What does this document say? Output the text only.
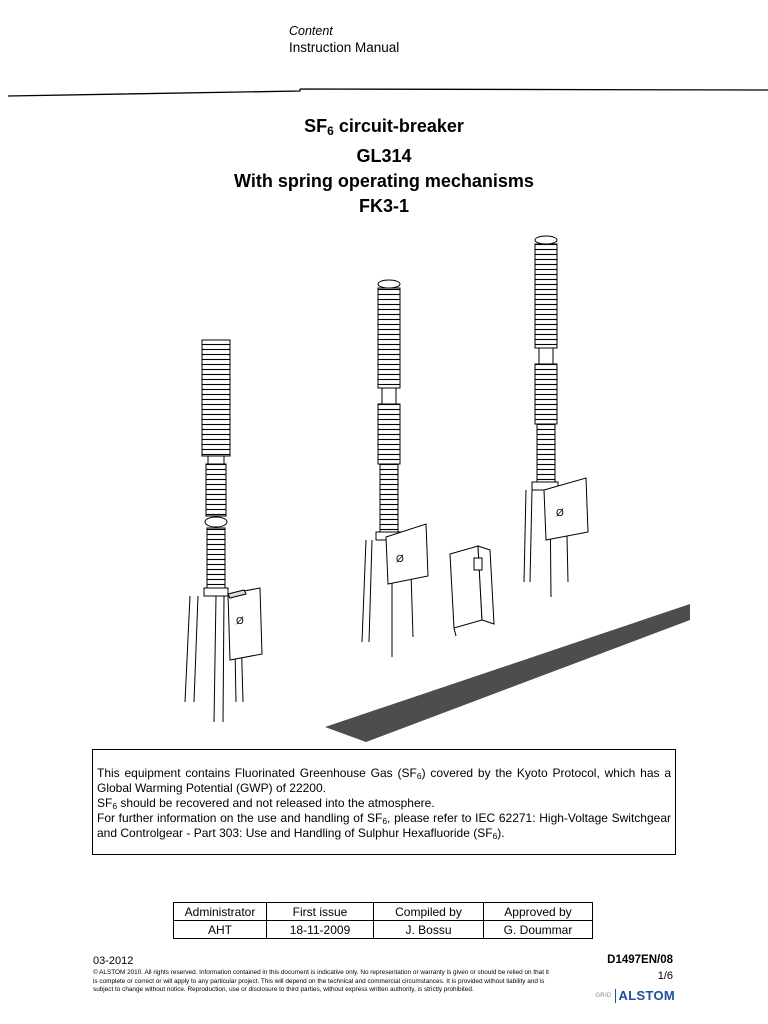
Content
Instruction Manual
$SF_6$ circuit-breaker
GL314
With spring operating mechanisms
FK3-1
Ø
Ø
Ø

This equipment contains Fluorinated Greenhouse Gas $(SF_6)$ covered by the Kyoto Protocol, which has a Global Warming Potential (GWP) of 22200.

$SF_6$ should be recovered and not released into the atmosphere.

For further information on the use and handling of $SF_6$, please refer to IEC 62271: High-Voltage Switchgear and Controlgear - Part 303: Use and Handling of Sulphur Hexafluoride $(SF_6)$.

Administrator	First issue	Compiled by	Approved by
AHT	18-11-2009	J. Bossu	G. Doummar
03-2012	D1497EN/08
1/6
© ALSTOM 2010. All rights reserved. Information contained in this document is indicative only. No representation or warranty is given or should be relied on that it is complete or correct or will apply to any particular project. This will depend on the technical and commercial circumstances. It is provided without liability and is subject to change without notice. Reproduction, use or disclosure to third parties, without express written authority, is strictly prohibited.
GRID ALSTOM
